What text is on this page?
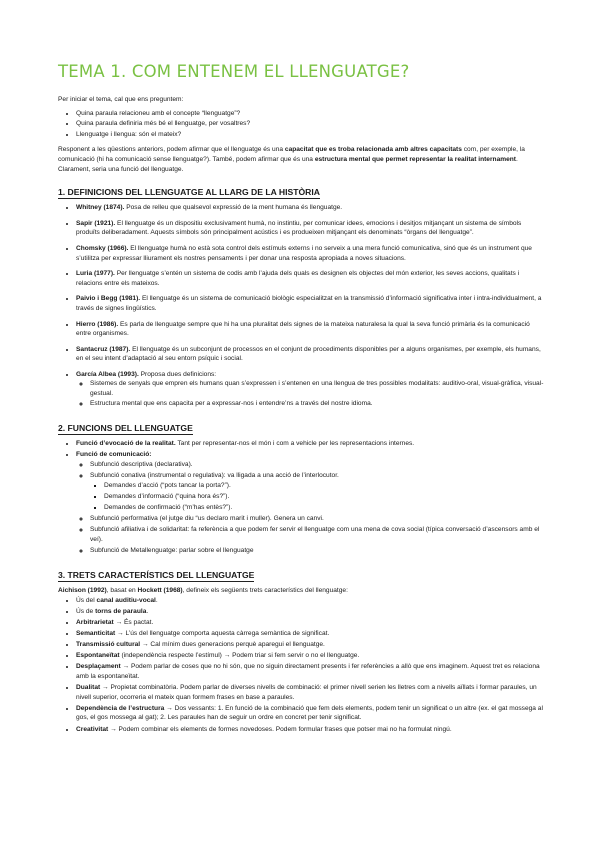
TEMA 1. COM ENTENEM EL LLENGUATGE?

Per iniciar el tema, cal que ens preguntem:

• Quina paraula relacioneu amb el concepte “llenguatge”?
• Quina paraula definiria més bé el llenguatge, per vosaltres?
• Llenguatge i llengua: són el mateix?

Responent a les qüestions anteriors, podem afirmar que el llenguatge és una capacitat que es troba relacionada amb altres capacitats com, per exemple, la comunicació (hi ha comunicació sense llenguatge?). També, podem afirmar que és una estructura mental que permet representar la realitat internament. Clarament, seria una funció del llenguatge.

1. DEFINICIONS DEL LLENGUATGE AL LLARG DE LA HISTÒRIA
• Whitney (1874). Posa de relleu que qualsevol expressió de la ment humana és llenguatge.
• Sapir (1921). El llenguatge és un dispositiu exclusivament humà, no instintiu, per comunicar idees, emocions i desitjos mitjançant un sistema de símbols produïts deliberadament. Aquests símbols són principalment acústics i es produeixen mitjançant els denominats “òrgans del llenguatge”.
• Chomsky (1966). El llenguatge humà no està sota control dels estímuls externs i no serveix a una mera funció comunicativa, sinó que és un instrument que s’utilitza per expressar lliurament els nostres pensaments i per donar una resposta apropiada a noves situacions.
• Luria (1977). Per llenguatge s’entén un sistema de codis amb l’ajuda dels quals es designen els objectes del món exterior, les seves accions, qualitats i relacions entre els mateixos.
• Paivio i Begg (1981). El llenguatge és un sistema de comunicació biològic especialitzat en la transmissió d’informació significativa inter i intra-individualment, a través de signes lingüístics.
• Hierro (1986). Es parla de llenguatge sempre que hi ha una pluralitat dels signes de la mateixa naturalesa la qual la seva funció primària és la comunicació entre organismes.
• Santacruz (1987). El llenguatge és un subconjunt de processos en el conjunt de procediments disponibles per a alguns organismes, per exemple, els humans, en el seu intent d’adaptació al seu entorn psíquic i social.
• García Albea (1993). Proposa dues definicions:
◦ Sistemes de senyals que empren els humans quan s’expressen i s’entenen en una llengua de tres possibles modalitats: auditivo-oral, visual-gràfica, visual-gestual.
◦ Estructura mental que ens capacita per a expressar-nos i entendre’ns a través del nostre idioma.
2. FUNCIONS DEL LLENGUATGE
• Funció d’evocació de la realitat. Tant per representar-nos el món i com a vehicle per les representacions internes.
• Funció de comunicació:
◦ Subfunció descriptiva (declarativa).
◦ Subfunció conativa (instrumental o regulativa): va lligada a una acció de l’interlocutor.
▪ Demandes d’acció (“pots tancar la porta?”).
▪ Demandes d’informació (“quina hora és?”).
▪ Demandes de confirmació (“m’has entès?”).
◦ Subfunció performativa (el jutge diu “us declaro marit i muller). Genera un canvi.
◦ Subfunció afiliativa i de solidaritat: fa referència a que podem fer servir el llenguatge com una mena de cova social (típica conversació d’ascensors amb el veí).
◦ Subfunció de Metallenguatge: parlar sobre el llenguatge
3. TRETS CARACTERÍSTICS DEL LLENGUATGE

Aichison (1992), basat en Hockett (1968), defineix els següents trets característics del llenguatge:

• Ús del canal auditiu-vocal.
• Ús de torns de paraula.
• Arbitrarietat → És pactat.
• Semanticitat → L’ús del llenguatge comporta aquesta càrrega semàntica de significat.
• Transmissió cultural → Cal mínim dues generacions perquè aparegui el llenguatge.
• Espontaneïtat (independència respecte l’estímul) → Podem triar si fem servir o no el llenguatge.
• Desplaçament → Podem parlar de coses que no hi són, que no siguin directament presents i fer referències a allò que ens imaginem. Aquest tret es relaciona amb la espontaneïtat.
• Dualitat → Propietat combinatòria. Podem parlar de diverses nivells de combinació: el primer nivell serien les lletres com a nivells aïllats i formar paraules, un nivell superior, ocorreria el mateix quan formem frases en base a paraules.
• Dependència de l’estructura → Dos vessants: 1. En funció de la combinació que fem dels elements, podem tenir un significat o un altre (ex. el gat mossega al gos, el gos mossega al gat); 2. Les paraules han de seguir un ordre en concret per tenir significat.
• Creativitat → Podem combinar els elements de formes novedoses. Podem formular frases que potser mai no ha formulat ningú.
